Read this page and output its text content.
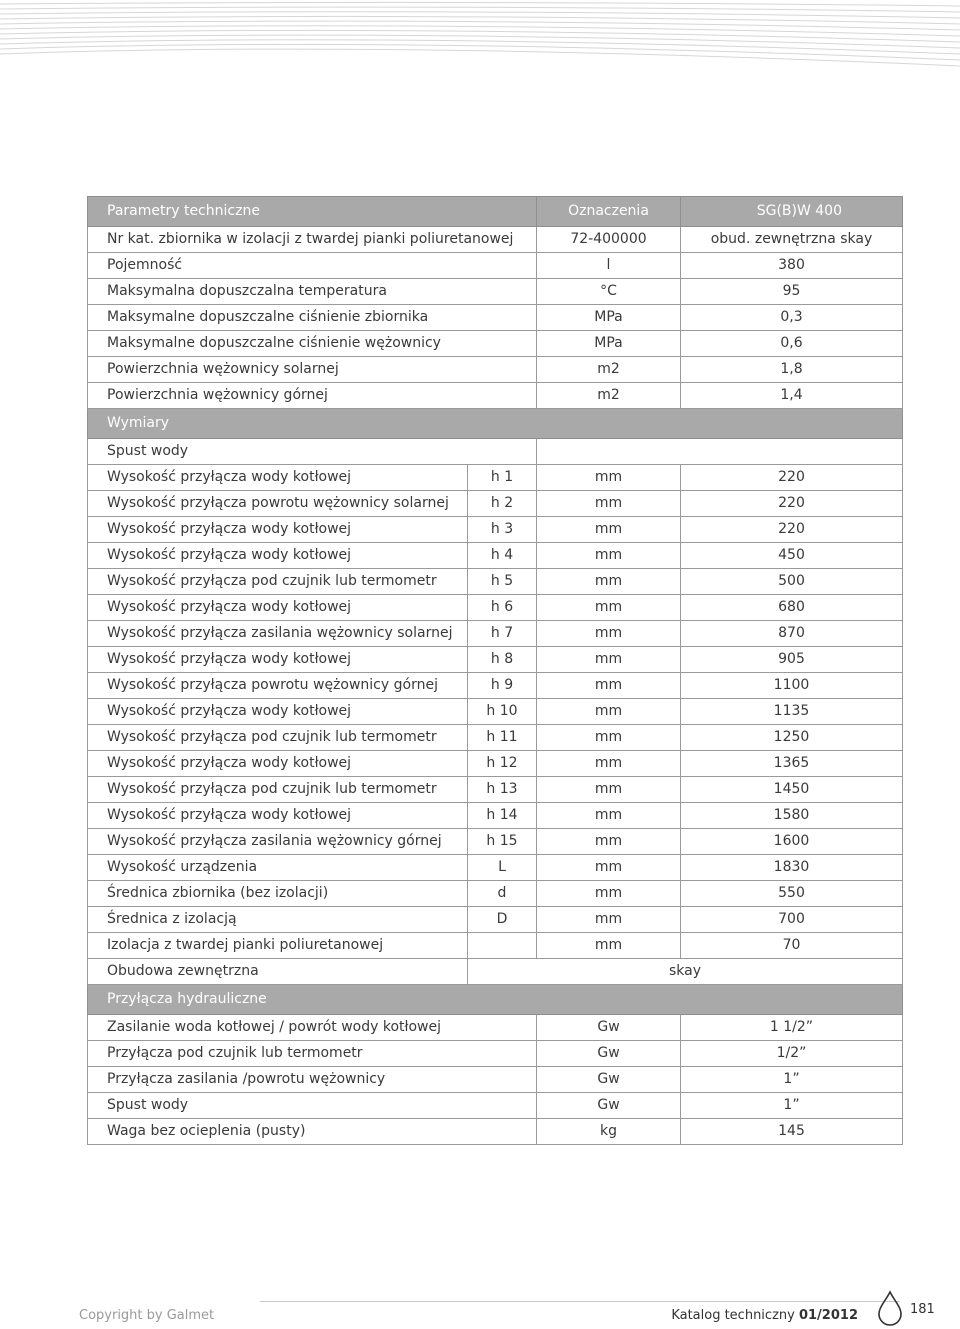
Parametry techniczne		Oznaczenia	SG(B)W 400
Nr kat. zbiornika w izolacji z twardej pianki poliuretanowej		72-400000	obud. zewnętrzna skay
Pojemność		l	380
Maksymalna dopuszczalna temperatura		°C	95
Maksymalne dopuszczalne ciśnienie zbiornika		MPa	0,3
Maksymalne dopuszczalne ciśnienie wężownicy		MPa	0,6
Powierzchnia wężownicy solarnej		m2	1,8
Powierzchnia wężownicy górnej		m2	1,4
Wymiary			
Spust wody			
Wysokość przyłącza wody kotłowej	h 1	mm	220
Wysokość przyłącza powrotu wężownicy solarnej	h 2	mm	220
Wysokość przyłącza wody kotłowej	h 3	mm	220
Wysokość przyłącza wody kotłowej	h 4	mm	450
Wysokość przyłącza pod czujnik lub termometr	h 5	mm	500
Wysokość przyłącza wody kotłowej	h 6	mm	680
Wysokość przyłącza zasilania wężownicy solarnej	h 7	mm	870
Wysokość przyłącza wody kotłowej	h 8	mm	905
Wysokość przyłącza powrotu wężownicy górnej	h 9	mm	1100
Wysokość przyłącza wody kotłowej	h 10	mm	1135
Wysokość przyłącza pod czujnik lub termometr	h 11	mm	1250
Wysokość przyłącza wody kotłowej	h 12	mm	1365
Wysokość przyłącza pod czujnik lub termometr	h 13	mm	1450
Wysokość przyłącza wody kotłowej	h 14	mm	1580
Wysokość przyłącza zasilania wężownicy górnej	h 15	mm	1600
Wysokość urządzenia	L	mm	1830
Średnica zbiornika (bez izolacji)	d	mm	550
Średnica z izolacją	D	mm	700
Izolacja z twardej pianki poliuretanowej		mm	70
Obudowa zewnętrzna	skay		
Przyłącza hydrauliczne			
Zasilanie woda kotłowej / powrót wody kotłowej		Gw	1 1/2”
Przyłącza pod czujnik lub termometr		Gw	1/2”
Przyłącza zasilania /powrotu wężownicy		Gw	1”
Spust wody		Gw	1”
Waga bez ocieplenia (pusty)		kg	145
Copyright by Galmet	Katalog techniczny 01/2012	181
